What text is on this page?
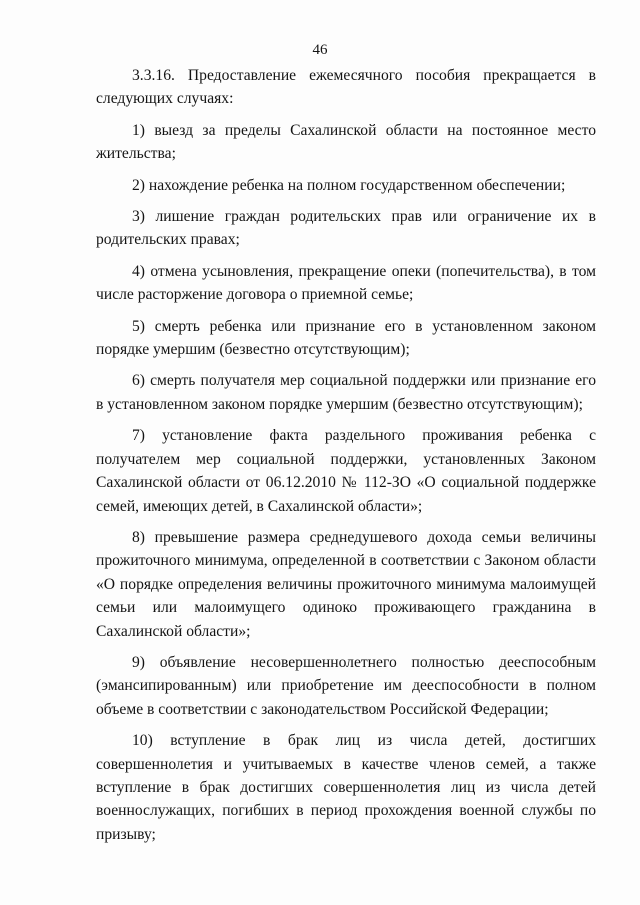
46

3.3.16. Предоставление ежемесячного пособия прекращается в следующих случаях:

1) выезд за пределы Сахалинской области на постоянное место жительства;

2) нахождение ребенка на полном государственном обеспечении;

3) лишение граждан родительских прав или ограничение их в родительских правах;

4) отмена усыновления, прекращение опеки (попечительства), в том числе расторжение договора о приемной семье;

5) смерть ребенка или признание его в установленном законом порядке умершим (безвестно отсутствующим);

6) смерть получателя мер социальной поддержки или признание его в установленном законом порядке умершим (безвестно отсутствующим);

7) установление факта раздельного проживания ребенка с получателем мер социальной поддержки, установленных Законом Сахалинской области от 06.12.2010 № 112-ЗО «О социальной поддержке семей, имеющих детей, в Сахалинской области»;

8) превышение размера среднедушевого дохода семьи величины прожиточного минимума, определенной в соответствии с Законом области «О порядке определения величины прожиточного минимума малоимущей семьи или малоимущего одиноко проживающего гражданина в Сахалинской области»;

9) объявление несовершеннолетнего полностью дееспособным (эмансипированным) или приобретение им дееспособности в полном объеме в соответствии с законодательством Российской Федерации;

10) вступление в брак лиц из числа детей, достигших совершеннолетия и учитываемых в качестве членов семей, а также вступление в брак достигших совершеннолетия лиц из числа детей военнослужащих, погибших в период прохождения военной службы по призыву;
